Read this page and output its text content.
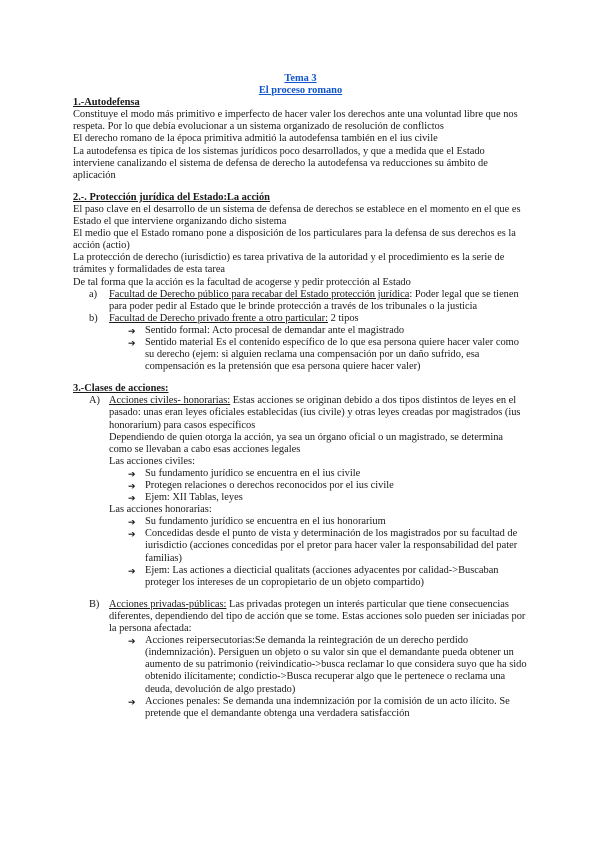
Tema 3

El proceso romano

1.-Autodefensa

Constituye el modo más primitivo e imperfecto de hacer valer los derechos ante una voluntad libre que nos respeta. Por lo que debía evolucionar a un sistema organizado de resolución de conflictos

El derecho romano de la época primitiva admitió la autodefensa también en el ius civile

La autodefensa es típica de los sistemas jurídicos poco desarrollados, y que a medida que el Estado interviene canalizando el sistema de defensa de derecho la autodefensa va reducciones su ámbito de aplicación

2.-. Protección jurídica del Estado:La acción

El paso clave en el desarrollo de un sistema de defensa de derechos se establece en el momento en el que es Estado el que interviene organizando dicho sistema

El medio que el Estado romano pone a disposición de los particulares para la defensa de sus derechos es la acción (actio)

La protección de derecho (iurisdictio) es tarea privativa de la autoridad y el procedimiento es la serie de trámites y formalidades de esta tarea

De tal forma que la acción es la facultad de acogerse y pedir protección al Estado

a) Facultad de Derecho público para recabar del Estado protección jurídica: Poder legal que se tienen para poder pedir al Estado que le brinde protección a través de los tribunales o la justicia
b) Facultad de Derecho privado frente a otro particular: 2 tipos
➔ Sentido formal: Acto procesal de demandar ante el magistrado
➔ Sentido material Es el contenido específico de lo que esa persona quiere hacer valer como su derecho (ejem: si alguien reclama una compensación por un daño sufrido, esa compensación es la pretensión que esa persona quiere hacer valer)
3.-Clases de acciones:
A) Acciones civiles- honorarias: Estas acciones se originan debido a dos tipos distintos de leyes en el pasado: unas eran leyes oficiales establecidas (ius civile) y otras leyes creadas por magistrados (ius honorarium) para casos específicos

Dependiendo de quien otorga la acción, ya sea un órgano oficial o un magistrado, se determina como se llevaban a cabo esas acciones legales

Las acciones civiles:

➔ Su fundamento jurídico se encuentra en el ius civile
➔ Protegen relaciones o derechos reconocidos por el ius civile
➔ Ejem: XII Tablas, leyes

Las acciones honorarias:

➔ Su fundamento jurídico se encuentra en el ius honorarium
➔ Concedidas desde el punto de vista y determinación de los magistrados por su facultad de iurisdictio (acciones concedidas por el pretor para hacer valer la responsabilidad del pater familias)
➔ Ejem: Las actiones a diecticial qualitats (acciones adyacentes por calidad->Buscaban proteger los intereses de un copropietario de un objeto compartido)
B) Acciones privadas-públicas: Las privadas protegen un interés particular que tiene consecuencias diferentes, dependiendo del tipo de acción que se tome. Estas acciones solo pueden ser iniciadas por la persona afectada:
➔ Acciones reipersecutorias:Se demanda la reintegración de un derecho perdido (indemnización). Persiguen un objeto o su valor sin que el demandante pueda obtener un aumento de su patrimonio (reivindicatio->busca reclamar lo que considera suyo que ha sido obtenido ilícitamente; condictio->Busca recuperar algo que le pertenece o reclama una deuda, devolución de algo prestado)
➔ Acciones penales: Se demanda una indemnización por la comisión de un acto ilícito. Se pretende que el demandante obtenga una verdadera satisfacción
